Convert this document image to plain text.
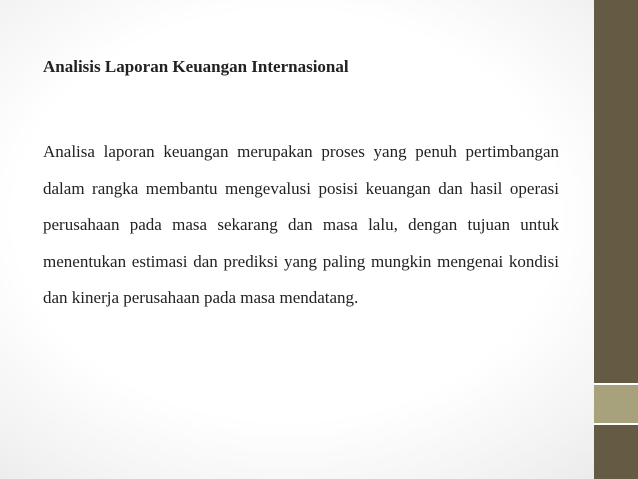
Analisis Laporan Keuangan Internasional

Analisa laporan keuangan merupakan proses yang penuh pertimbangan dalam rangka membantu mengevalusi posisi keuangan dan hasil operasi perusahaan pada masa sekarang dan masa lalu, dengan tujuan untuk menentukan estimasi dan prediksi yang paling mungkin mengenai kondisi dan kinerja perusahaan pada masa mendatang.
